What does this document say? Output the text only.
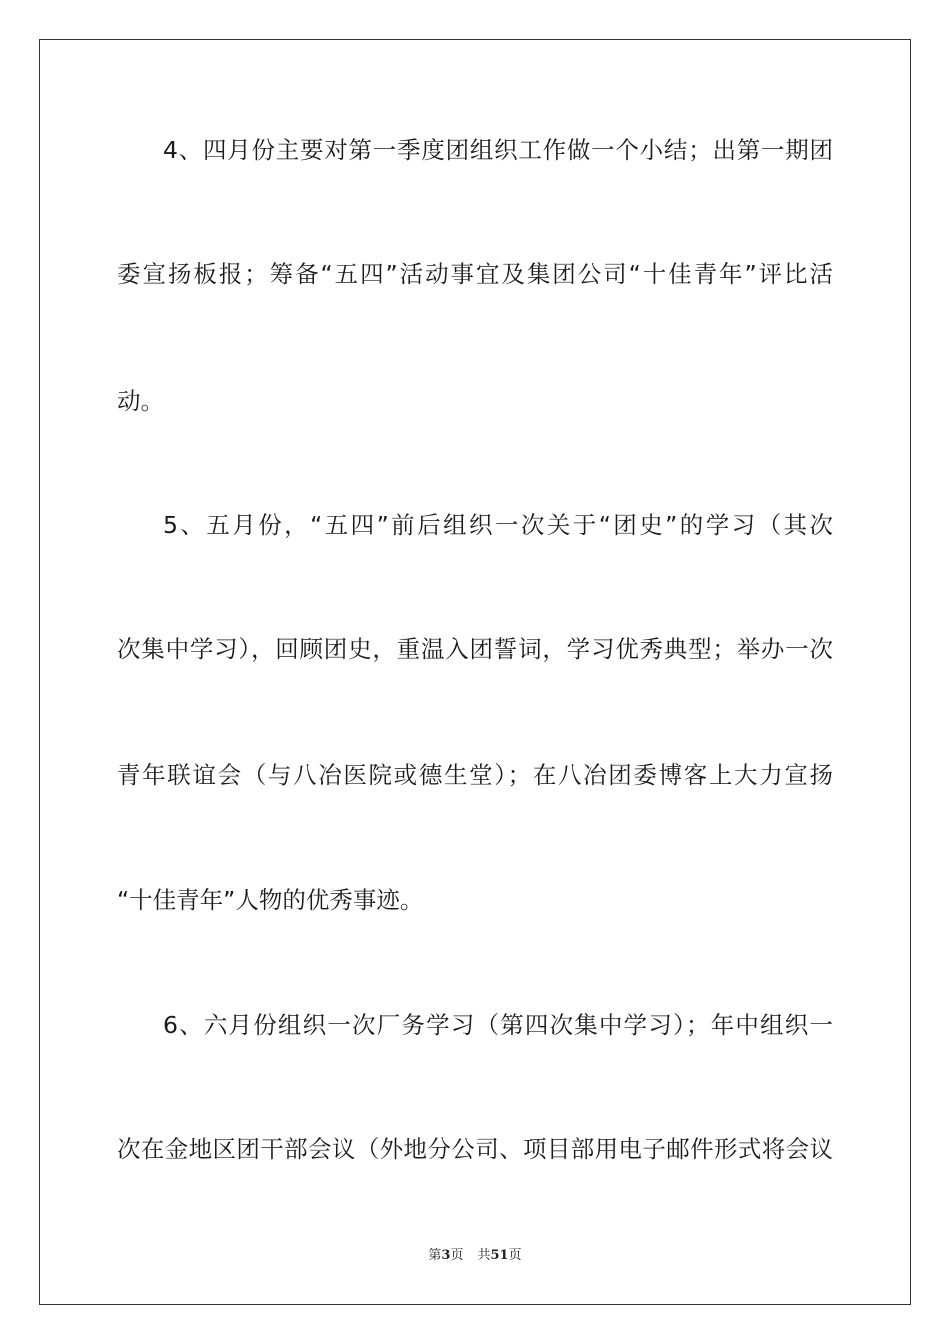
4、四月份主要对第一季度团组织工作做一个小结；出第一期团
委宣扬板报；筹备“五四”活动事宜及集团公司“十佳青年”评比活
动。
5、五月份，“五四”前后组织一次关于“团史”的学习（其次
次集中学习），回顾团史，重温入团誓词，学习优秀典型；举办一次
青年联谊会（与八冶医院或德生堂）；在八冶团委博客上大力宣扬
“十佳青年”人物的优秀事迹。
6、六月份组织一次厂务学习（第四次集中学习）；年中组织一
次在金地区团干部会议（外地分公司、项目部用电子邮件形式将会议
第3页 共51页
